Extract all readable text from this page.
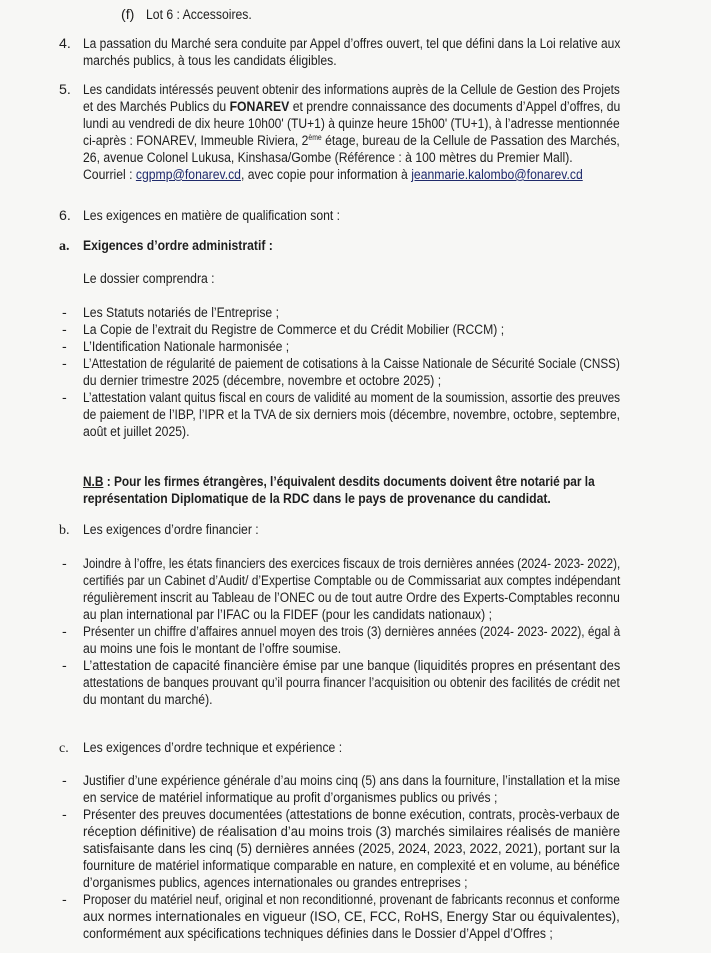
(f) Lot 6 : Accessoires.
4. La passation du Marché sera conduite par Appel d’offres ouvert, tel que défini dans la Loi relative aux
marchés publics, à tous les candidats éligibles.
5. Les candidats intéressés peuvent obtenir des informations auprès de la Cellule de Gestion des Projets
et des Marchés Publics du FONAREV et prendre connaissance des documents d’Appel d’offres, du
lundi au vendredi de dix heure 10h00' (TU+1) à quinze heure 15h00' (TU+1), à l’adresse mentionnée
ci-après : FONAREV, Immeuble Riviera, 2ème étage, bureau de la Cellule de Passation des Marchés,
26, avenue Colonel Lukusa, Kinshasa/Gombe (Référence : à 100 mètres du Premier Mall).
Courriel : cgpmp@fonarev.cd, avec copie pour information à jeanmarie.kalombo@fonarev.cd
6. Les exigences en matière de qualification sont :
a. Exigences d’ordre administratif :
Le dossier comprendra :
- Les Statuts notariés de l’Entreprise ;
- La Copie de l’extrait du Registre de Commerce et du Crédit Mobilier (RCCM) ;
- L’Identification Nationale harmonisée ;
- L’Attestation de régularité de paiement de cotisations à la Caisse Nationale de Sécurité Sociale (CNSS)
du dernier trimestre 2025 (décembre, novembre et octobre 2025) ;
- L’attestation valant quitus fiscal en cours de validité au moment de la soumission, assortie des preuves
de paiement de l’IBP, l’IPR et la TVA de six derniers mois (décembre, novembre, octobre, septembre,
août et juillet 2025).
N.B : Pour les firmes étrangères, l’équivalent desdits documents doivent être notarié par la
représentation Diplomatique de la RDC dans le pays de provenance du candidat.
b. Les exigences d’ordre financier :
- Joindre à l’offre, les états financiers des exercices fiscaux de trois dernières années (2024- 2023- 2022),
certifiés par un Cabinet d’Audit/ d’Expertise Comptable ou de Commissariat aux comptes indépendant
régulièrement inscrit au Tableau de l’ONEC ou de tout autre Ordre des Experts-Comptables reconnu
au plan international par l’IFAC ou la FIDEF (pour les candidats nationaux) ;
- Présenter un chiffre d’affaires annuel moyen des trois (3) dernières années (2024- 2023- 2022), égal à
au moins une fois le montant de l’offre soumise.
- L’attestation de capacité financière émise par une banque (liquidités propres en présentant des
attestations de banques prouvant qu’il pourra financer l’acquisition ou obtenir des facilités de crédit net
du montant du marché).
c. Les exigences d’ordre technique et expérience :
- Justifier d’une expérience générale d’au moins cinq (5) ans dans la fourniture, l’installation et la mise
en service de matériel informatique au profit d’organismes publics ou privés ;
- Présenter des preuves documentées (attestations de bonne exécution, contrats, procès-verbaux de
réception définitive) de réalisation d’au moins trois (3) marchés similaires réalisés de manière
satisfaisante dans les cinq (5) dernières années (2025, 2024, 2023, 2022, 2021), portant sur la
fourniture de matériel informatique comparable en nature, en complexité et en volume, au bénéfice
d’organismes publics, agences internationales ou grandes entreprises ;
- Proposer du matériel neuf, original et non reconditionné, provenant de fabricants reconnus et conforme
aux normes internationales en vigueur (ISO, CE, FCC, RoHS, Energy Star ou équivalentes),
conformément aux spécifications techniques définies dans le Dossier d’Appel d’Offres ;
